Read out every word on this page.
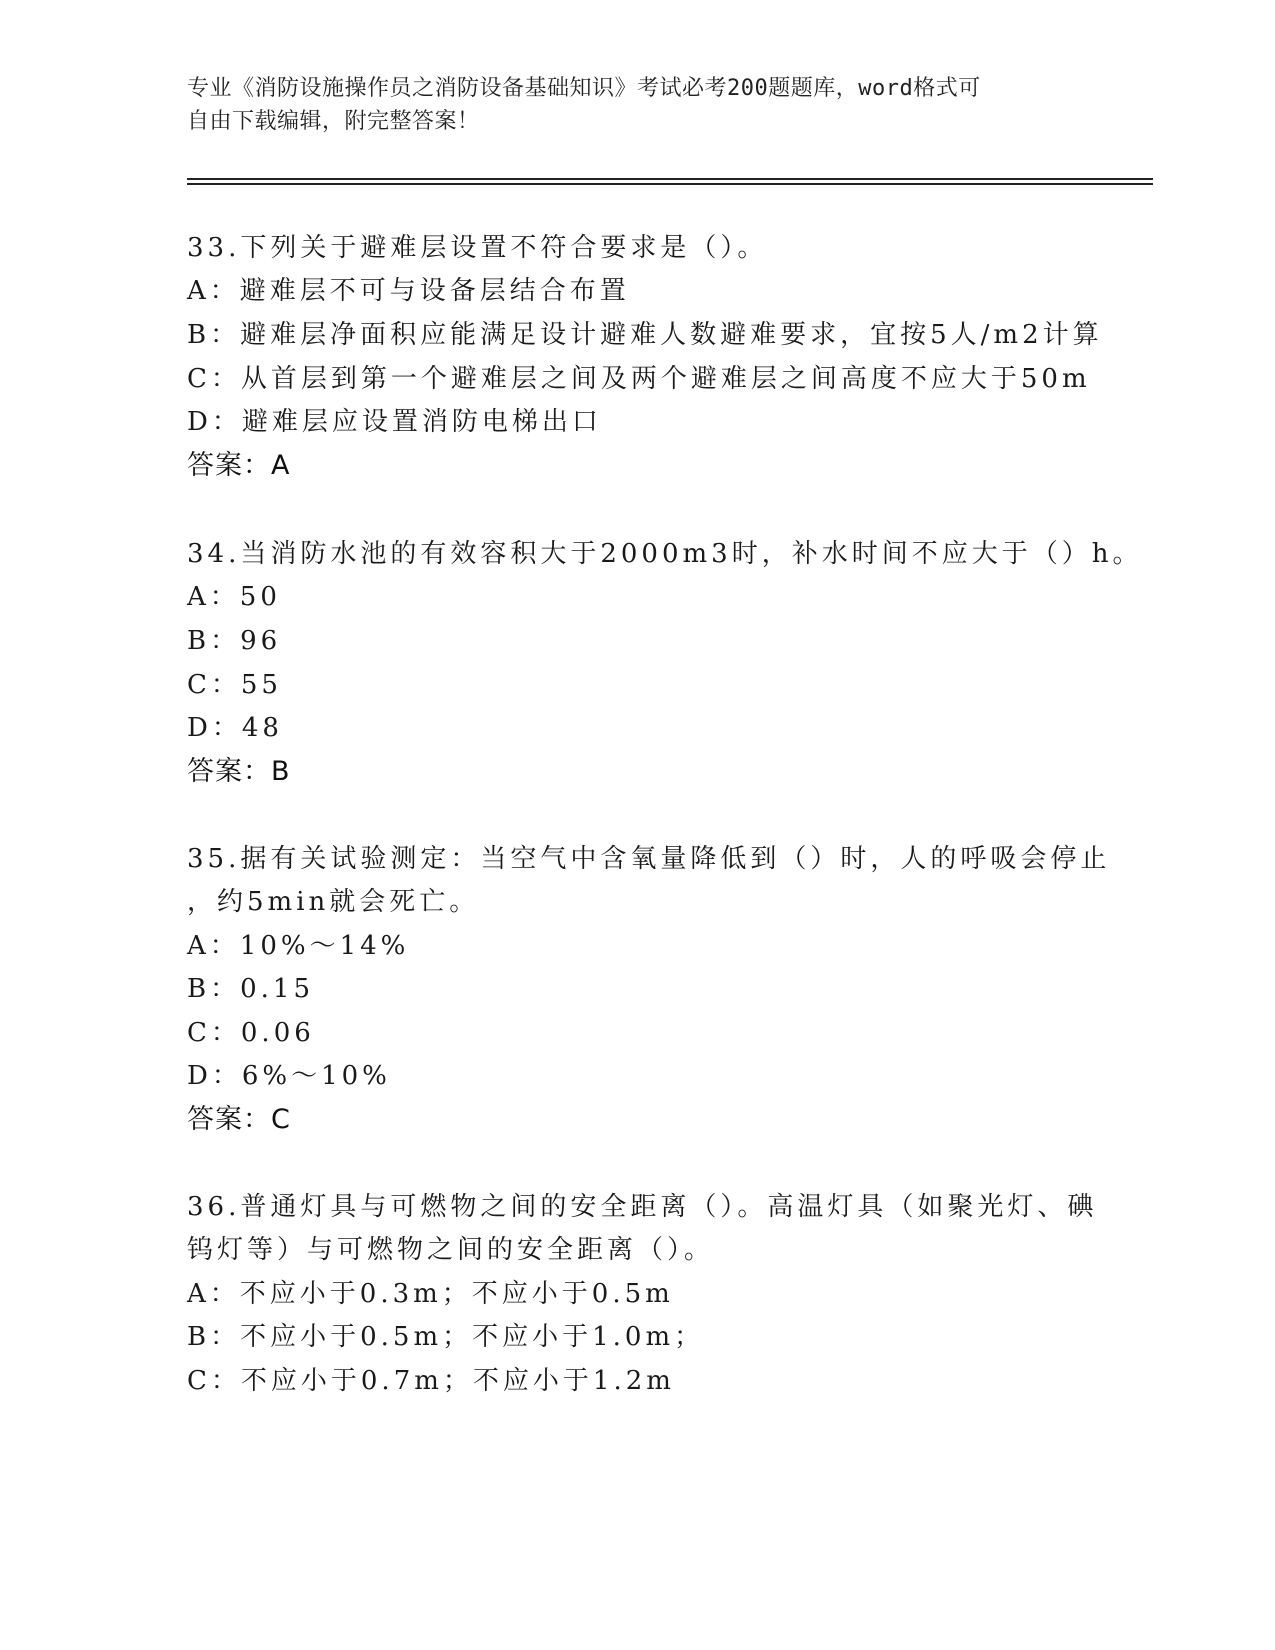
专业《消防设施操作员之消防设备基础知识》考试必考200题题库，word格式可
自由下载编辑，附完整答案！
33.下列关于避难层设置不符合要求是（）。
A：避难层不可与设备层结合布置
B：避难层净面积应能满足设计避难人数避难要求，宜按5人/m2计算
C：从首层到第一个避难层之间及两个避难层之间高度不应大于50m
D：避难层应设置消防电梯出口
答案：A
34.当消防水池的有效容积大于2000m3时，补水时间不应大于（）h。
A：50
B：96
C：55
D：48
答案：B
35.据有关试验测定：当空气中含氧量降低到（）时，人的呼吸会停止
，约5min就会死亡。
A：10%～14%
B：0.15
C：0.06
D：6%～10%
答案：C
36.普通灯具与可燃物之间的安全距离（）。高温灯具（如聚光灯、碘
钨灯等）与可燃物之间的安全距离（）。
A：不应小于0.3m；不应小于0.5m
B：不应小于0.5m；不应小于1.0m；
C：不应小于0.7m；不应小于1.2m
